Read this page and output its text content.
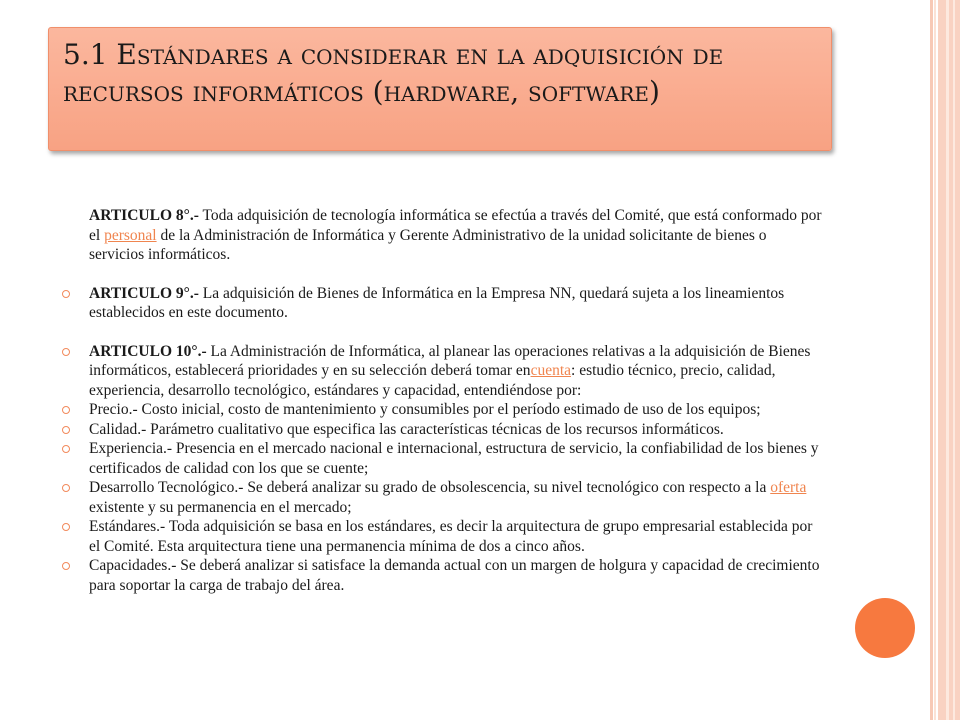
5.1 Estándares a considerar en la adquisición de recursos informáticos (hardware, software)

ARTICULO 8°.- Toda adquisición de tecnología informática se efectúa a través del Comité, que está conformado por el personal de la Administración de Informática y Gerente Administrativo de la unidad solicitante de bienes o servicios informáticos.

ARTICULO 9°.- La adquisición de Bienes de Informática en la Empresa NN, quedará sujeta a los lineamientos establecidos en este documento.

ARTICULO 10°.- La Administración de Informática, al planear las operaciones relativas a la adquisición de Bienes informáticos, establecerá prioridades y en su selección deberá tomar encuenta: estudio técnico, precio, calidad, experiencia, desarrollo tecnológico, estándares y capacidad, entendiéndose por:

Precio.- Costo inicial, costo de mantenimiento y consumibles por el período estimado de uso de los equipos;

Calidad.- Parámetro cualitativo que especifica las características técnicas de los recursos informáticos.

Experiencia.- Presencia en el mercado nacional e internacional, estructura de servicio, la confiabilidad de los bienes y certificados de calidad con los que se cuente;

Desarrollo Tecnológico.- Se deberá analizar su grado de obsolescencia, su nivel tecnológico con respecto a la oferta existente y su permanencia en el mercado;

Estándares.- Toda adquisición se basa en los estándares, es decir la arquitectura de grupo empresarial establecida por el Comité. Esta arquitectura tiene una permanencia mínima de dos a cinco años.

Capacidades.- Se deberá analizar si satisface la demanda actual con un margen de holgura y capacidad de crecimiento para soportar la carga de trabajo del área.
